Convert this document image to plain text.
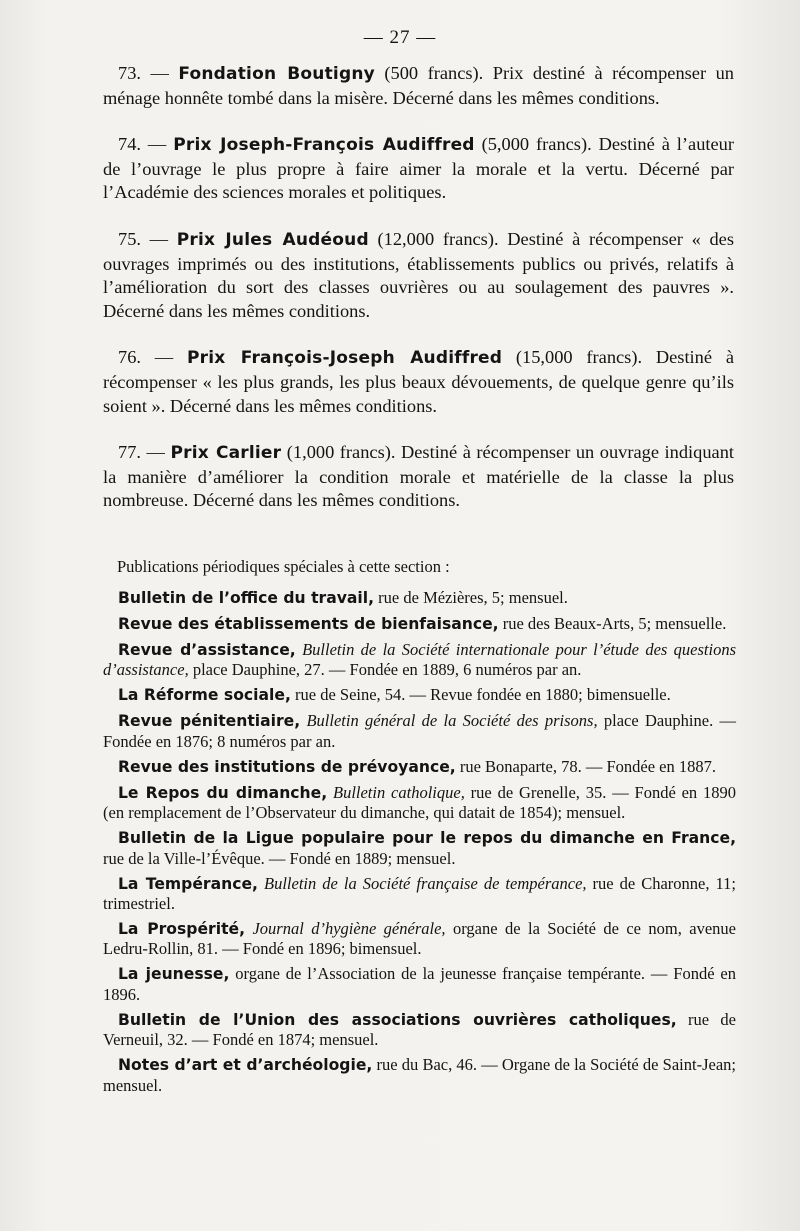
— 27 —

73. — Fondation Boutigny (500 francs). Prix destiné à récompenser un ménage honnête tombé dans la misère. Décerné dans les mêmes conditions.

74. — Prix Joseph-François Audiffred (5,000 francs). Destiné à l’auteur de l’ouvrage le plus propre à faire aimer la morale et la vertu. Décerné par l’Académie des sciences morales et politiques.

75. — Prix Jules Audéoud (12,000 francs). Destiné à récompenser « des ouvrages imprimés ou des institutions, établissements publics ou privés, relatifs à l’amélioration du sort des classes ouvrières ou au soulagement des pauvres ». Décerné dans les mêmes conditions.

76. — Prix François-Joseph Audiffred (15,000 francs). Destiné à récompenser « les plus grands, les plus beaux dévouements, de quelque genre qu’ils soient ». Décerné dans les mêmes conditions.

77. — Prix Carlier (1,000 francs). Destiné à récompenser un ouvrage indiquant la manière d’améliorer la condition morale et matérielle de la classe la plus nombreuse. Décerné dans les mêmes conditions.

Publications périodiques spéciales à cette section :

Bulletin de l’office du travail, rue de Mézières, 5; mensuel.

Revue des établissements de bienfaisance, rue des Beaux-Arts, 5; mensuelle.

Revue d’assistance, Bulletin de la Société internationale pour l’étude des questions d’assistance, place Dauphine, 27. — Fondée en 1889, 6 numéros par an.

La Réforme sociale, rue de Seine, 54. — Revue fondée en 1880; bimensuelle.

Revue pénitentiaire, Bulletin général de la Société des prisons, place Dauphine. — Fondée en 1876; 8 numéros par an.

Revue des institutions de prévoyance, rue Bonaparte, 78. — Fondée en 1887.

Le Repos du dimanche, Bulletin catholique, rue de Grenelle, 35. — Fondé en 1890 (en remplacement de l’Observateur du dimanche, qui datait de 1854); mensuel.

Bulletin de la Ligue populaire pour le repos du dimanche en France, rue de la Ville-l’Évêque. — Fondé en 1889; mensuel.

La Tempérance, Bulletin de la Société française de tempérance, rue de Charonne, 11; trimestriel.

La Prospérité, Journal d’hygiène générale, organe de la Société de ce nom, avenue Ledru-Rollin, 81. — Fondé en 1896; bimensuel.

La jeunesse, organe de l’Association de la jeunesse française tempérante. — Fondé en 1896.

Bulletin de l’Union des associations ouvrières catholiques, rue de Verneuil, 32. — Fondé en 1874; mensuel.

Notes d’art et d’archéologie, rue du Bac, 46. — Organe de la Société de Saint-Jean; mensuel.
